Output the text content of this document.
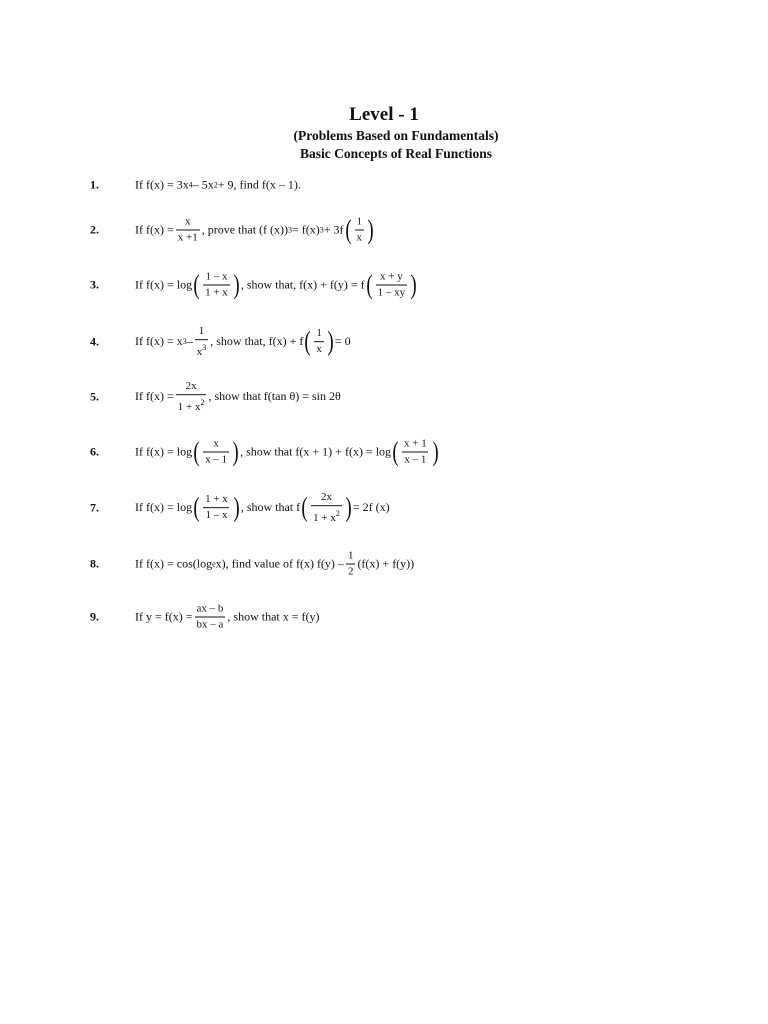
Level - 1
(Problems Based on Fundamentals)
Basic Concepts of Real Functions
1.	If f(x) = 3x 4 – 5x 2 + 9, find f(x – 1).
2.	If $f(x) = \frac{x}{x +1}$ , prove that (f (x)) 3 = f(x) 3 + 3f ( $\frac{1}{x}$ )
3.	If f(x) = log ( $\frac{1 - x}{1 + x}$ ) , show that, f(x) + f(y) = f ( $\frac{x + y}{1 - xy}$ )
4.	If f(x) = x $3 - \frac{1}{x^3}$ , show that, f(x) + f ( $\frac{1}{x}$ ) = 0
5.	If $f(x) = \frac{2x}{1 + x^2}$ , show that f(tan θ) = sin 2θ
6.	If f(x) = log ( $\frac{x}{x - 1}$ ) , show that f(x + 1) + f(x) = log ( $\frac{x + 1}{x - 1}$ )
7.	If f(x) = log ( $\frac{1 + x}{1 - x}$ ) , show that f ( $\frac{2x}{1 + x^2}$ ) = 2f (x)
8.	If f(x) = cos(log e x), find value of f(x) $f(y) - \frac{1}{2} (f(x) + f(y))$
9.	If $y = f(x) = \frac{ax - b}{bx - a}$ , show that x = f(y)
